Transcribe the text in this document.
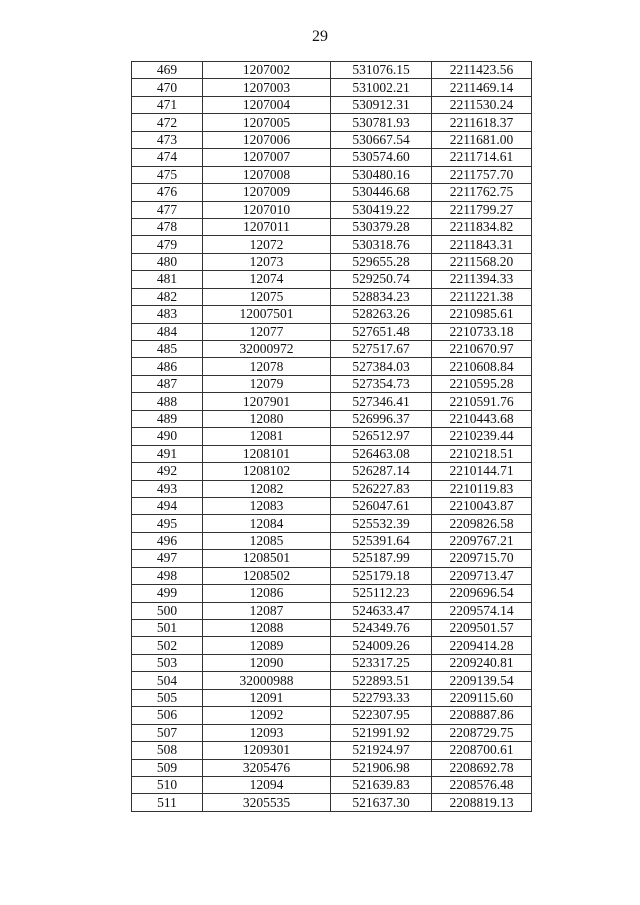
29
469	1207002	531076.15	2211423.56
470	1207003	531002.21	2211469.14
471	1207004	530912.31	2211530.24
472	1207005	530781.93	2211618.37
473	1207006	530667.54	2211681.00
474	1207007	530574.60	2211714.61
475	1207008	530480.16	2211757.70
476	1207009	530446.68	2211762.75
477	1207010	530419.22	2211799.27
478	1207011	530379.28	2211834.82
479	12072	530318.76	2211843.31
480	12073	529655.28	2211568.20
481	12074	529250.74	2211394.33
482	12075	528834.23	2211221.38
483	12007501	528263.26	2210985.61
484	12077	527651.48	2210733.18
485	32000972	527517.67	2210670.97
486	12078	527384.03	2210608.84
487	12079	527354.73	2210595.28
488	1207901	527346.41	2210591.76
489	12080	526996.37	2210443.68
490	12081	526512.97	2210239.44
491	1208101	526463.08	2210218.51
492	1208102	526287.14	2210144.71
493	12082	526227.83	2210119.83
494	12083	526047.61	2210043.87
495	12084	525532.39	2209826.58
496	12085	525391.64	2209767.21
497	1208501	525187.99	2209715.70
498	1208502	525179.18	2209713.47
499	12086	525112.23	2209696.54
500	12087	524633.47	2209574.14
501	12088	524349.76	2209501.57
502	12089	524009.26	2209414.28
503	12090	523317.25	2209240.81
504	32000988	522893.51	2209139.54
505	12091	522793.33	2209115.60
506	12092	522307.95	2208887.86
507	12093	521991.92	2208729.75
508	1209301	521924.97	2208700.61
509	3205476	521906.98	2208692.78
510	12094	521639.83	2208576.48
511	3205535	521637.30	2208819.13
